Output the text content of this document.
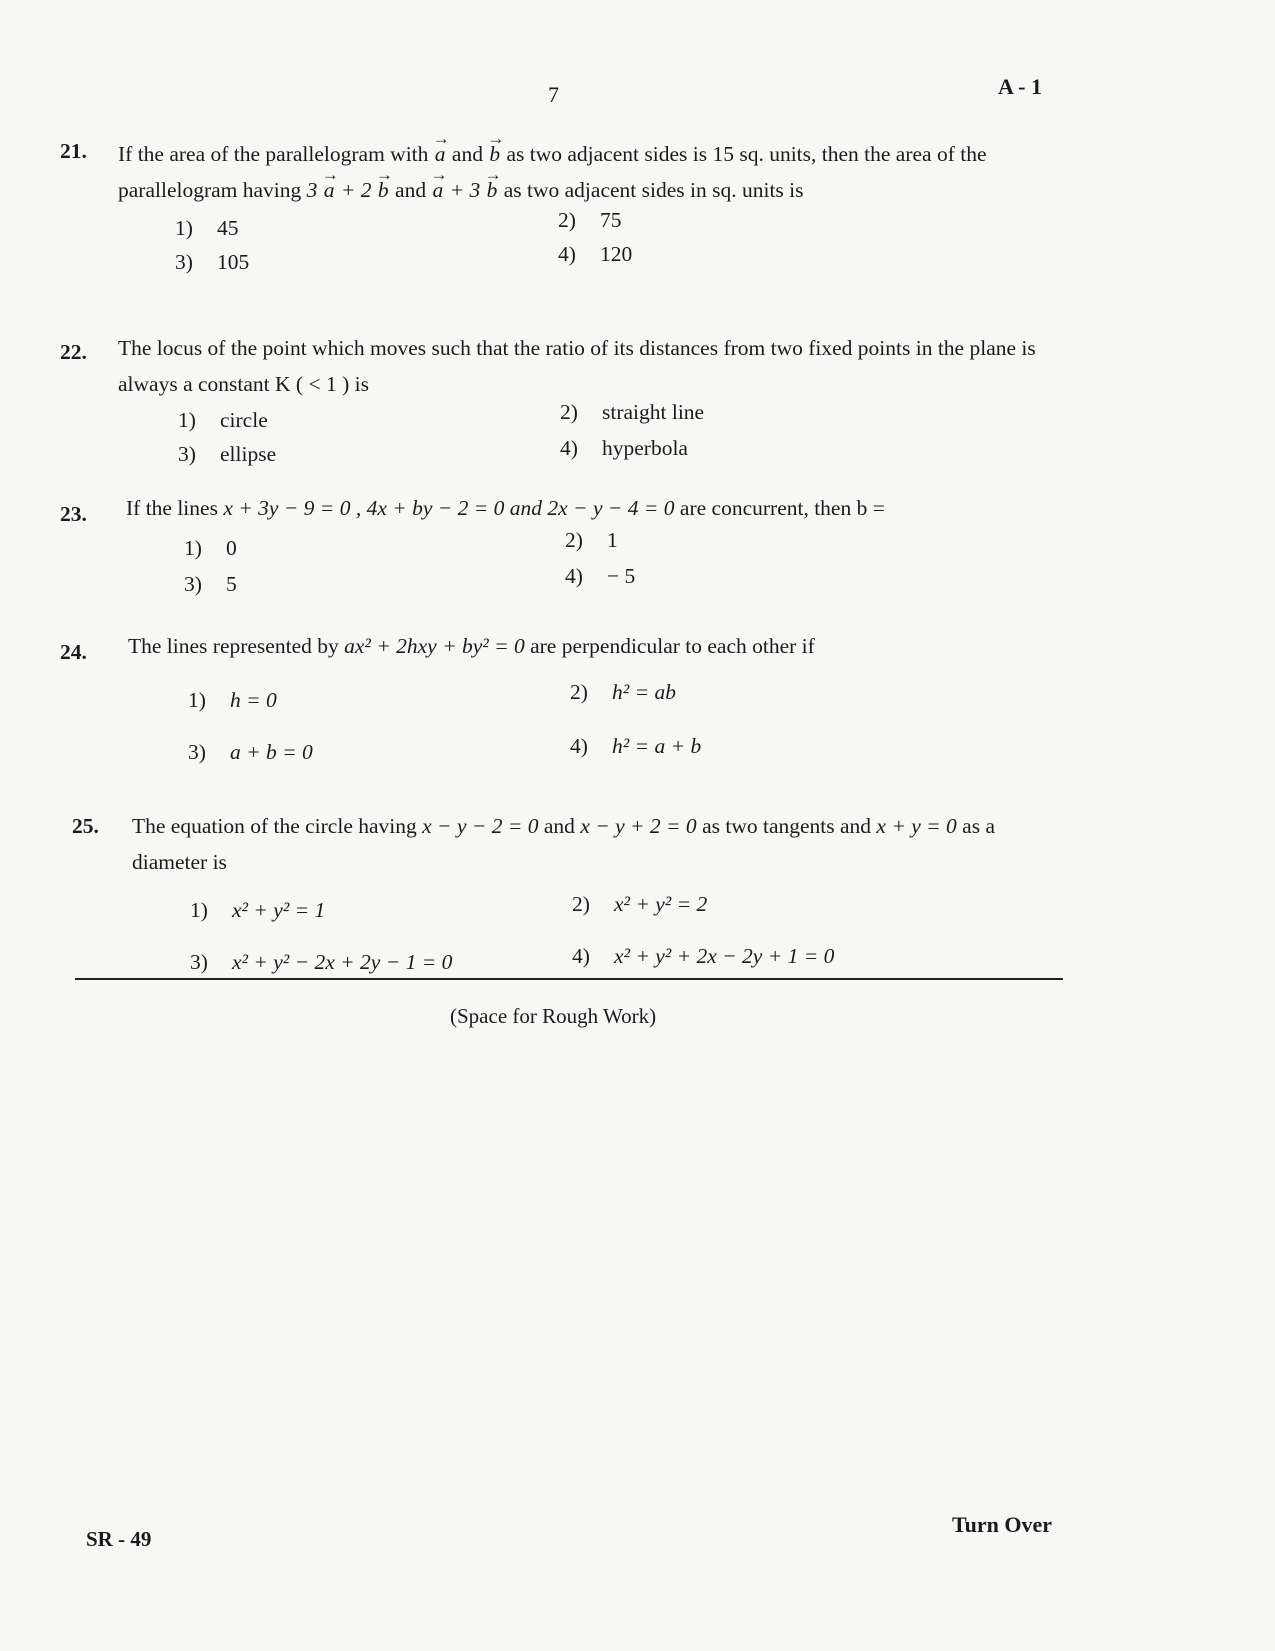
7	A - 1
21. If the area of the parallelogram with → a and → b as two adjacent sides is 15 sq. units, then the area of the parallelogram having 3 → a + 2 → b and → a + 3 → b as two adjacent sides in sq. units is
1) 45	2) 75
3) 105	4) 120
22. The locus of the point which moves such that the ratio of its distances from two fixed points in the plane is always a constant K ( < 1 ) is
1) circle	2) straight line
3) ellipse	4) hyperbola
23. If the lines x + 3y − 9 = 0 , 4x + by − 2 = 0 and 2x − y − 4 = 0 are concurrent, then b =
1) 0	2) 1
3) 5	4) − 5
24. The lines represented by ax² + 2hxy + by² = 0 are perpendicular to each other if
1) h = 0	2) h² = ab
3) a + b = 0	4) h² = a + b
25. The equation of the circle having x − y − 2 = 0 and x − y + 2 = 0 as two tangents and x + y = 0 as a diameter is
1) x² + y² = 1	2) x² + y² = 2
3) x² + y² − 2x + 2y − 1 = 0	4) x² + y² + 2x − 2y + 1 = 0
(Space for Rough Work)
SR - 49
Turn Over
